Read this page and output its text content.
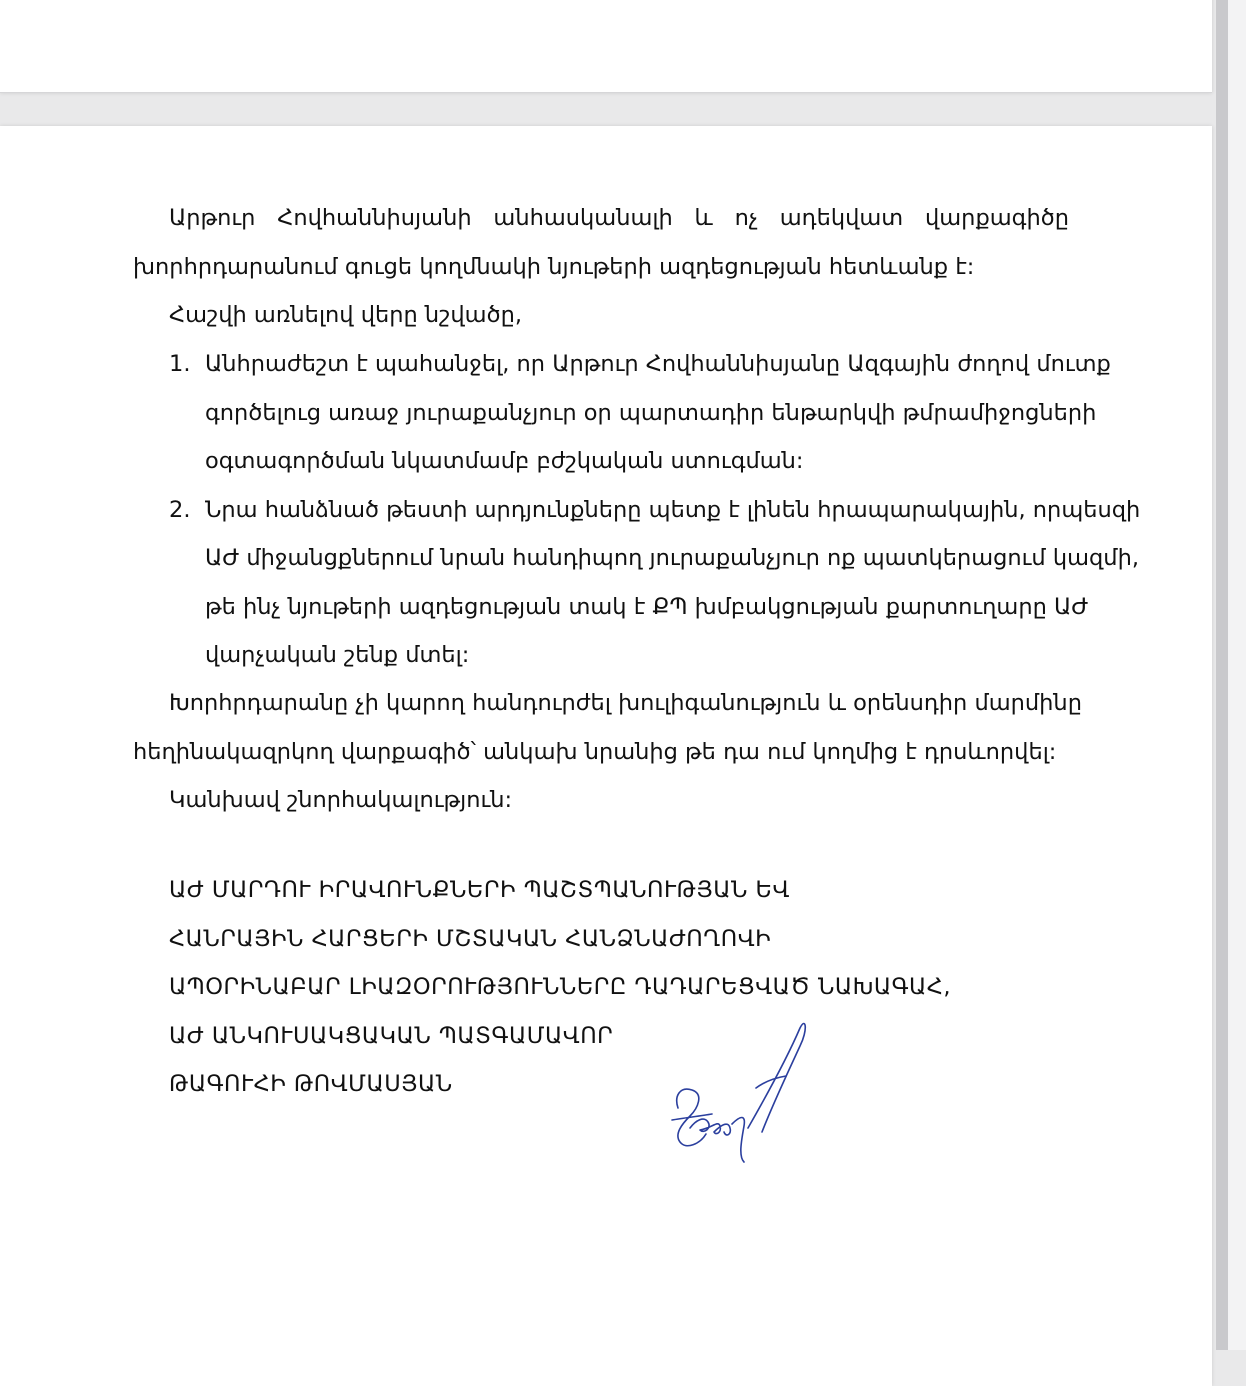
Արթուր Հովհաննիսյանի անհասկանալի և ոչ ադեկվատ վարքագիծը
խորհրդարանում գուցե կողմնակի նյութերի ազդեցության հետևանք է:
Հաշվի առնելով վերը նշվածը,
1. Անհրաժեշտ է պահանջել, որ Արթուր Հովհաննիսյանը Ազգային ժողով մուտք
գործելուց առաջ յուրաքանչյուր օր պարտադիր ենթարկվի թմրամիջոցների
օգտագործման նկատմամբ բժշկական ստուգման:
2. Նրա հանձնած թեստի արդյունքները պետք է լինեն հրապարակային, որպեսզի
ԱԺ միջանցքներում նրան հանդիպող յուրաքանչյուր ոք պատկերացում կազմի,
թե ինչ նյութերի ազդեցության տակ է ՔՊ խմբակցության քարտուղարը ԱԺ
վարչական շենք մտել:
Խորհրդարանը չի կարող հանդուրժել խուլիգանություն և օրենսդիր մարմինը
հեղինակազրկող վարքագիծ՝ անկախ նրանից թե դա ում կողմից է դրսևորվել:
Կանխավ շնորհակալություն:
ԱԺ ՄԱՐԴՈՒ ԻՐԱՎՈՒՆՔՆԵՐԻ ՊԱՇՏՊԱՆՈՒԹՅԱՆ ԵՎ
ՀԱՆՐԱՅԻՆ ՀԱՐՑԵՐԻ ՄՇՏԱԿԱՆ ՀԱՆՁՆԱԺՈՂՈՎԻ
ԱՊՕՐԻՆԱԲԱՐ ԼԻԱԶՕՐՈՒԹՅՈՒՆՆԵՐԸ ԴԱԴԱՐԵՑՎԱԾ ՆԱԽԱԳԱՀ,
ԱԺ ԱՆԿՈՒՍԱԿՑԱԿԱՆ ՊԱՏԳԱՄԱՎՈՐ
ԹԱԳՈՒՀԻ ԹՈՎՄԱՍՅԱՆ
